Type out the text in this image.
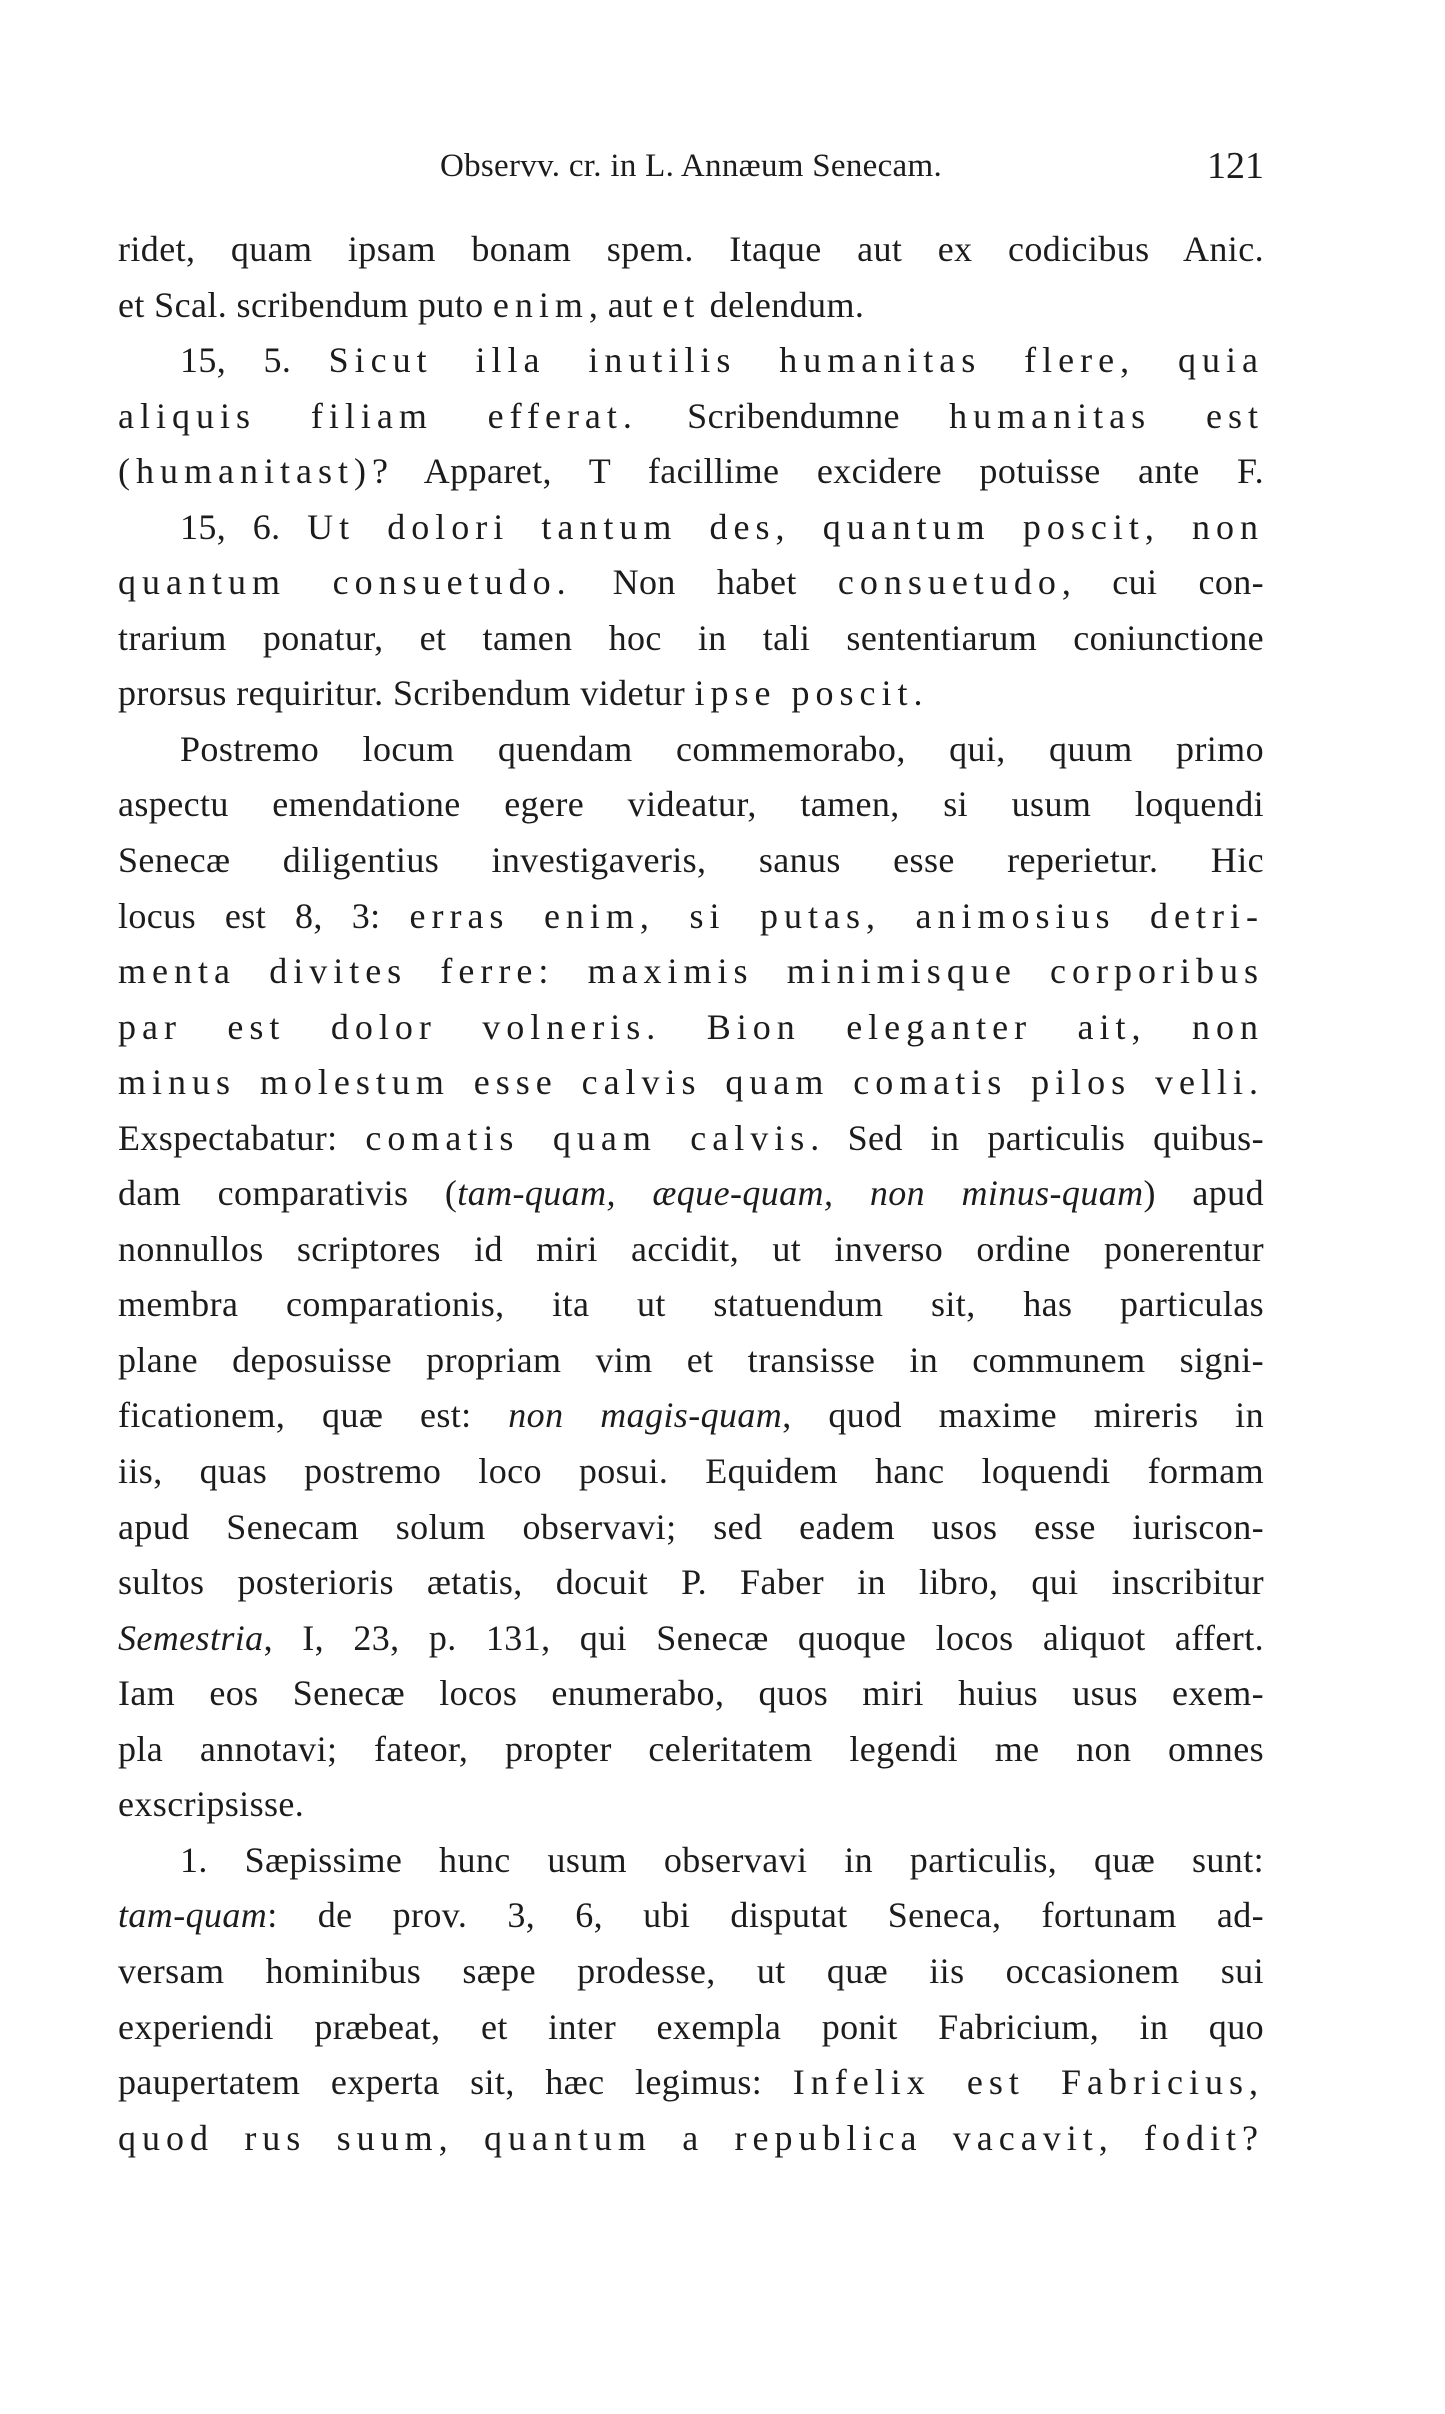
Observv. cr. in L. Annæum Senecam.	121
ridet, quam ipsam bonam spem. Itaque aut ex codicibus Anic.
et Scal. scribendum puto enim, aut et delendum.
15, 5. Sicut illa inutilis humanitas flere, quia
aliquis filiam efferat. Scribendumne humanitas est
(humanitast)? Apparet, T facillime excidere potuisse ante F.
15, 6. Ut dolori tantum des, quantum poscit, non
quantum consuetudo. Non habet consuetudo, cui con-
trarium ponatur, et tamen hoc in tali sententiarum coniunctione
prorsus requiritur. Scribendum videtur ipse poscit.
Postremo locum quendam commemorabo, qui, quum primo
aspectu emendatione egere videatur, tamen, si usum loquendi
Senecæ diligentius investigaveris, sanus esse reperietur. Hic
locus est 8, 3: erras enim, si putas, animosius detri-
menta divites ferre: maximis minimisque corporibus
par est dolor volneris. Bion eleganter ait, non
minus molestum esse calvis quam comatis pilos velli.
Exspectabatur: comatis quam calvis. Sed in particulis quibus-
dam comparativis (tam-quam, æque-quam, non minus-quam) apud
nonnullos scriptores id miri accidit, ut inverso ordine ponerentur
membra comparationis, ita ut statuendum sit, has particulas
plane deposuisse propriam vim et transisse in communem signi-
ficationem, quæ est: non magis-quam, quod maxime mireris in
iis, quas postremo loco posui. Equidem hanc loquendi formam
apud Senecam solum observavi; sed eadem usos esse iuriscon-
sultos posterioris ætatis, docuit P. Faber in libro, qui inscribitur
Semestria, I, 23, p. 131, qui Senecæ quoque locos aliquot affert.
Iam eos Senecæ locos enumerabo, quos miri huius usus exem-
pla annotavi; fateor, propter celeritatem legendi me non omnes
exscripsisse.
1. Sæpissime hunc usum observavi in particulis, quæ sunt:
tam-quam: de prov. 3, 6, ubi disputat Seneca, fortunam ad-
versam hominibus sæpe prodesse, ut quæ iis occasionem sui
experiendi præbeat, et inter exempla ponit Fabricium, in quo
paupertatem experta sit, hæc legimus: Infelix est Fabricius,
quod rus suum, quantum a republica vacavit, fodit?
